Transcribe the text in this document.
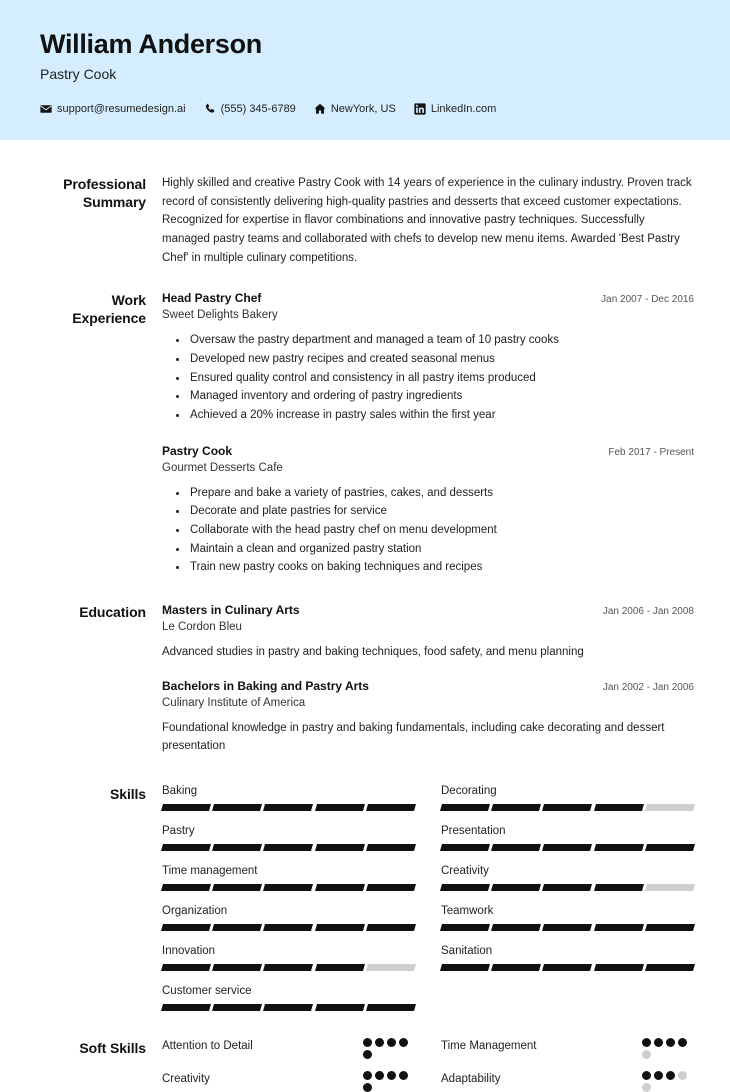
William Anderson
Pastry Cook
support@resumedesign.ai	(555) 345-6789	NewYork, US	LinkedIn.com
Professional Summary
Highly skilled and creative Pastry Cook with 14 years of experience in the culinary industry. Proven track record of consistently delivering high-quality pastries and desserts that exceed customer expectations. Recognized for expertise in flavor combinations and innovative pastry techniques. Successfully managed pastry teams and collaborated with chefs to develop new menu items. Awarded 'Best Pastry Chef' in multiple culinary competitions.
Work Experience
Head Pastry Chef	Jan 2007 - Dec 2016
Sweet Delights Bakery
• Oversaw the pastry department and managed a team of 10 pastry cooks
• Developed new pastry recipes and created seasonal menus
• Ensured quality control and consistency in all pastry items produced
• Managed inventory and ordering of pastry ingredients
• Achieved a 20% increase in pastry sales within the first year
Pastry Cook	Feb 2017 - Present
Gourmet Desserts Cafe
• Prepare and bake a variety of pastries, cakes, and desserts
• Decorate and plate pastries for service
• Collaborate with the head pastry chef on menu development
• Maintain a clean and organized pastry station
• Train new pastry cooks on baking techniques and recipes
Education	Masters in Culinary Arts	Jan 2006 - Jan 2008
Le Cordon Bleu
Advanced studies in pastry and baking techniques, food safety, and menu planning
Bachelors in Baking and Pastry Arts	Jan 2002 - Jan 2006
Culinary Institute of America
Foundational knowledge in pastry and baking fundamentals, including cake decorating and dessert presentation
Skills	Baking	Decorating
Pastry	Presentation
Time management	Creativity
Organization	Teamwork
Innovation	Sanitation
Customer service
Soft Skills	Attention to Detail	Time Management
Creativity	Adaptability
